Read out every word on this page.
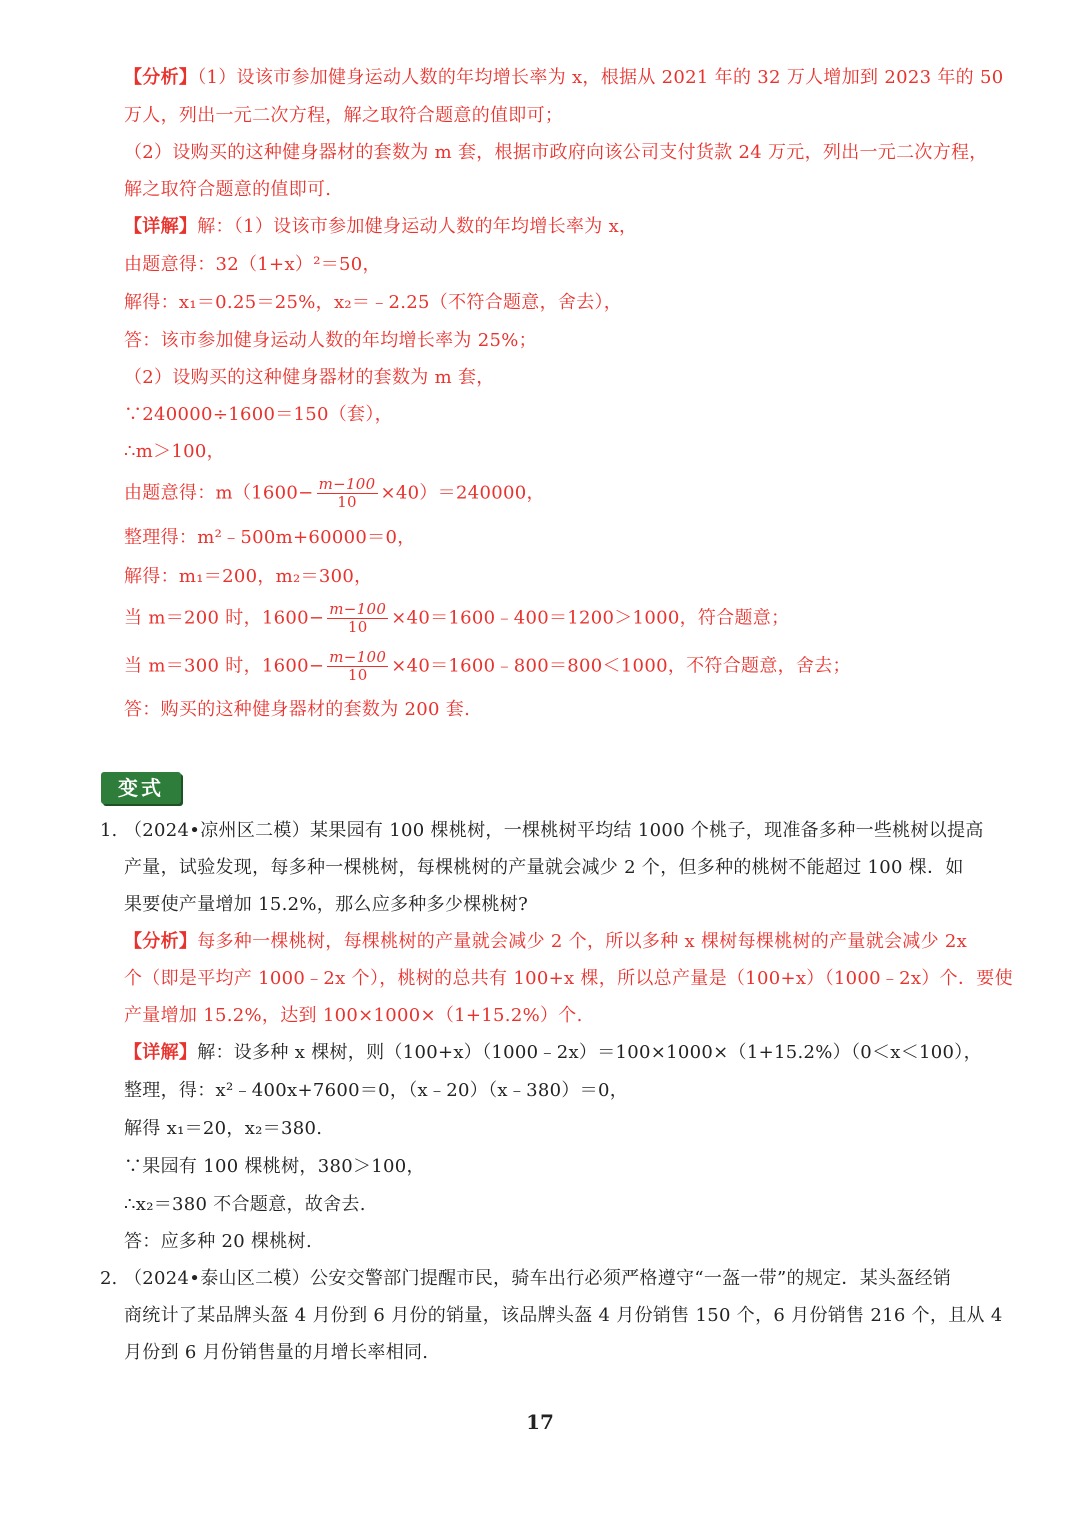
【分析】（1）设该市参加健身运动人数的年均增长率为 x，根据从 2021 年的 32 万人增加到 2023 年的 50
万人，列出一元二次方程，解之取符合题意的值即可；
（2）设购买的这种健身器材的套数为 m 套，根据市政府向该公司支付货款 24 万元，列出一元二次方程，
解之取符合题意的值即可.
【详解】解：（1）设该市参加健身运动人数的年均增长率为 x，
由题意得：32（1+x）²＝50，
解得：x₁＝0.25＝25%，x₂＝﹣2.25（不符合题意，舍去），
答：该市参加健身运动人数的年均增长率为 25%；
（2）设购买的这种健身器材的套数为 m 套，
∵240000÷1600＝150（套），
∴m＞100，
由题意得：$m(1600- \frac{m-100}{10} \times 40)=240000$，
整理得：m²﹣500m+60000＝0，
解得：m₁＝200，m₂＝300，
当 m＝200 时，$1600- \frac{m-100}{10}$ ×40＝1600﹣400＝1200＞1000，符合题意；
当 m＝300 时，$1600- \frac{m-100}{10}$ ×40＝1600﹣800＝800＜1000，不符合题意，舍去；
答：购买的这种健身器材的套数为 200 套.
变式
1. （2024•凉州区二模）某果园有 100 棵桃树，一棵桃树平均结 1000 个桃子，现准备多种一些桃树以提高
产量，试验发现，每多种一棵桃树，每棵桃树的产量就会减少 2 个，但多种的桃树不能超过 100 棵．如
果要使产量增加 15.2%，那么应多种多少棵桃树?
【分析】每多种一棵桃树，每棵桃树的产量就会减少 2 个，所以多种 x 棵树每棵桃树的产量就会减少 2x
个（即是平均产 1000﹣2x 个），桃树的总共有 100+x 棵，所以总产量是（100+x）（1000﹣2x）个．要使
产量增加 15.2%，达到 100×1000×（1+15.2%）个.
【详解】解：设多种 x 棵树，则（100+x）（1000﹣2x）＝100×1000×（1+15.2%）（0＜x＜100），
整理，得：x²﹣400x+7600＝0，（x﹣20）（x﹣380）＝0，
解得 x₁＝20，x₂＝380.
∵果园有 100 棵桃树，380＞100，
∴x₂＝380 不合题意，故舍去.
答：应多种 20 棵桃树.
2. （2024•泰山区二模）公安交警部门提醒市民，骑车出行必须严格遵守“一盔一带”的规定．某头盔经销
商统计了某品牌头盔 4 月份到 6 月份的销量，该品牌头盔 4 月份销售 150 个，6 月份销售 216 个，且从 4
月份到 6 月份销售量的月增长率相同.
17
